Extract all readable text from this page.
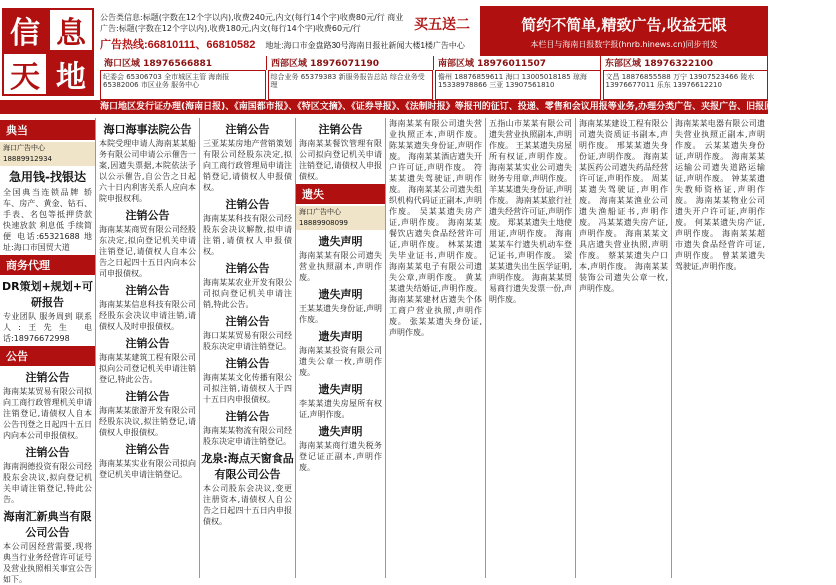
信 息
天 地
公告类信息:标题(字数在12个字以内),收费240元,内文(每行14个字)收费80元/行 商业广告:标题(字数在12个字以内),收费180元,内文(每行14个字)收费60元/行
广告热线:66810111、66810582 地址:海口市金盘路30号海南日报社新闻大楼1楼广告中心
买五送二	简约不简单,精致广告,收益无限
本栏目与海南日报数字报(hnrb.hinews.cn)同步刊发
海口区域 18976566881	西部区域 18976071190	南部区域 18976011507	东部区域 18976322100
纪委会 65306703 全市城区主管 海南报 65382006 市区业务 服务中心
综合业务 65379383 新服务报告总站 综合业务受理
儋州 18876859611 海口 13005018185 琼海 15338978866 三亚 13907561810
文昌 18876855588 万宁 13907523466 陵水 13976677011 乐东 13976612210
海口地区发行证办理(海南日报)、《南国都市报》、《特区文摘》、《证券导报》、《法制时报》等报刊的征订、投递、零售和会议用报等业务,办理分类广告、夹报广告、旧报回收及其它业务。
典当
海口广告中心 18889912934
急用钱-找银达
全国典当连锁品牌 轿车、房产、黄金、钻石、手表、名包等抵押贷款 快速放款 利息低 手续简便 电话:65321688 地址:海口市国贸大道
商务代理
DR策划+规划+可研报告
专业团队 服务周到 联系人:王先生 电话:18976672998
公告
注销公告
海南某某贸易有限公司拟向工商行政管理机关申请注销登记,请债权人自本公告刊登之日起四十五日内向本公司申报债权。
注销公告
海南润德投资有限公司经股东会决议,拟向登记机关申请注销登记,特此公告。
海南汇新典当有限公司公告
本公司因经营需要,现将典当行业务经营许可证号及营业执照相关事宜公告如下。
海口海事法院公告
本院受理申请人海南某某船务有限公司申请公示催告一案,因遗失票据,本院依法予以公示催告,自公告之日起六十日内利害关系人应向本院申报权利。
注销公告
海南某某商贸有限公司经股东决定,拟向登记机关申请注销登记,请债权人自本公告之日起四十五日内向本公司申报债权。
注销公告
海南某某信息科技有限公司经股东会决议申请注销,请债权人及时申报债权。
注销公告
海南某某建筑工程有限公司拟向公司登记机关申请注销登记,特此公告。
注销公告
海南某某旅游开发有限公司经股东决议,拟注销登记,请债权人申报债权。
注销公告
海南某某实业有限公司拟向登记机关申请注销登记。
注销公告
三亚某某房地产营销策划有限公司经股东决定,拟向工商行政管理局申请注销登记,请债权人申报债权。
注销公告
海南某某科技有限公司经股东会决议解散,拟申请注销,请债权人申报债权。
注销公告
海南某某农业开发有限公司拟向登记机关申请注销,特此公告。
注销公告
海口某某贸易有限公司经股东决定申请注销登记。
注销公告
海南某某文化传播有限公司拟注销,请债权人于四十五日内申报债权。
注销公告
海南某某物流有限公司经股东决定申请注销登记。
龙泉:海点天窗食品有限公司公告
本公司股东会决议,变更注册资本,请债权人自公告之日起四十五日内申报债权。
注销公告
海南某某餐饮管理有限公司拟向登记机关申请注销登记,请债权人申报债权。
遗失
海口广告中心 18889908099
遗失声明
海南某某有限公司遗失营业执照副本,声明作废。
遗失声明
王某某遗失身份证,声明作废。
遗失声明
海南某某投资有限公司遗失公章一枚,声明作废。
遗失声明
李某某遗失房屋所有权证,声明作废。
遗失声明
海南某某商行遗失税务登记证正副本,声明作废。
海南某某有限公司遗失营业执照正本,声明作废。 陈某某遗失身份证,声明作废。 海南某某酒店遗失开户许可证,声明作废。 符某某遗失驾驶证,声明作废。 海南某某公司遗失组织机构代码证正副本,声明作废。 吴某某遗失房产证,声明作废。 海南某某餐饮店遗失食品经营许可证,声明作废。 林某某遗失毕业证书,声明作废。 海南某某电子有限公司遗失公章,声明作废。 黄某某遗失结婚证,声明作废。 海南某某建材店遗失个体工商户营业执照,声明作废。 张某某遗失身份证,声明作废。
五指山市某某有限公司遗失营业执照副本,声明作废。 王某某遗失房屋所有权证,声明作废。 海南某某实业公司遗失财务专用章,声明作废。 羊某某遗失身份证,声明作废。 海南某某旅行社遗失经营许可证,声明作废。 郑某某遗失土地使用证,声明作废。 海南某某车行遗失机动车登记证书,声明作废。 梁某某遗失出生医学证明,声明作废。 海南某某贸易商行遗失发票一份,声明作废。
海南某某建设工程有限公司遗失资质证书副本,声明作废。 邢某某遗失身份证,声明作废。 海南某某医药公司遗失药品经营许可证,声明作废。 周某某遗失驾驶证,声明作废。 海南某某渔业公司遗失渔船证书,声明作废。 冯某某遗失房产证,声明作废。 海南某某文具店遗失营业执照,声明作废。 蔡某某遗失户口本,声明作废。 海南某某装饰公司遗失公章一枚,声明作废。
海南某某电器有限公司遗失营业执照正副本,声明作废。 云某某遗失身份证,声明作废。 海南某某运输公司遗失道路运输证,声明作废。 钟某某遗失教师资格证,声明作废。 海南某某物业公司遗失开户许可证,声明作废。 何某某遗失房产证,声明作废。 海南某某超市遗失食品经营许可证,声明作废。 曾某某遗失驾驶证,声明作废。
